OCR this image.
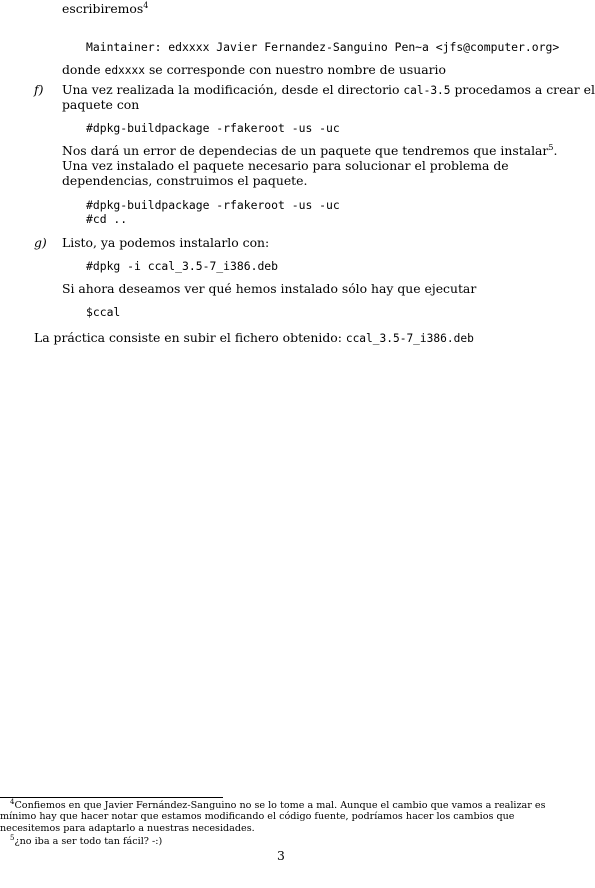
escribiremos$^4$
Maintainer: edxxxx Javier Fernandez-Sanguino Pen~a <jfs@computer.org>
donde edxxxx se corresponde con nuestro nombre de usuario
f) Una vez realizada la modificación, desde el directorio cal-3.5 procedamos a crear el
paquete con
#dpkg-buildpackage -rfakeroot -us -uc
Nos dará un error de dependecias de un paquete que tendremos que instalar$^5$. Una vez instalado el paquete necesario para solucionar el problema de dependencias, construimos el paquete.
#dpkg-buildpackage -rfakeroot -us -uc
#cd ..
g) Listo, ya podemos instalarlo con:
#dpkg -i ccal_3.5-7_i386.deb
Si ahora deseamos ver qué hemos instalado sólo hay que ejecutar
$ccal
La práctica consiste en subir el fichero obtenido: ccal_3.5-7_i386.deb
$^4$Confiemos en que Javier Fernández-Sanguino no se lo tome a mal. Aunque el cambio que vamos a realizar es mínimo hay que hacer notar que estamos modificando el código fuente, podríamos hacer los cambios que necesitemos para adaptarlo a nuestras necesidades.
$^5$¿no iba a ser todo tan fácil? -:)
3
